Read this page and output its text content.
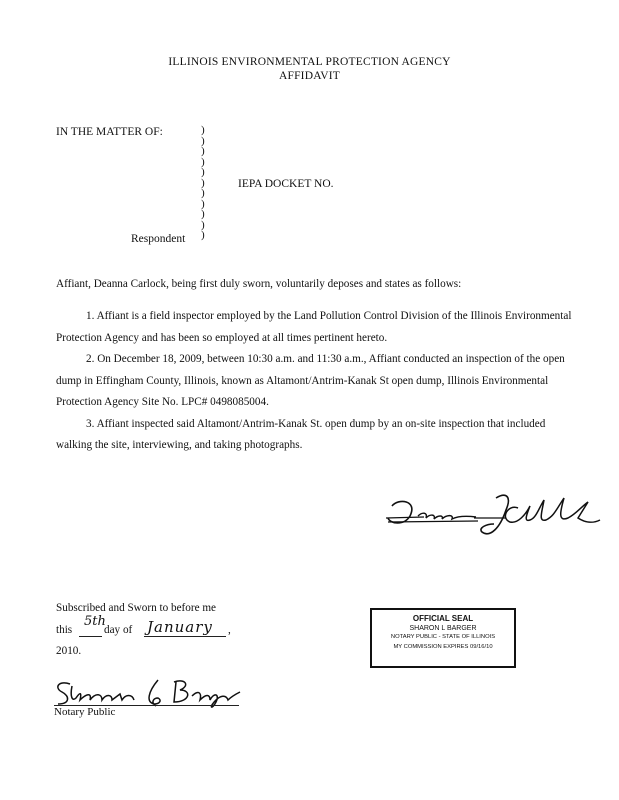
ILLINOIS ENVIRONMENTAL PROTECTION AGENCY
AFFIDAVIT
IN THE MATTER OF:	)
)
)
)
)
)
)
)
)
)
)
IEPA DOCKET NO.
Respondent
Affiant, Deanna Carlock, being first duly sworn, voluntarily deposes and states as follows:

1. Affiant is a field inspector employed by the Land Pollution Control Division of the Illinois Environmental Protection Agency and has been so employed at all times pertinent hereto.

2. On December 18, 2009, between 10:30 a.m. and 11:30 a.m., Affiant conducted an inspection of the open dump in Effingham County, Illinois, known as Altamont/Antrim-Kanak St open dump, Illinois Environmental Protection Agency Site No. LPC# 0498085004.

3. Affiant inspected said Altamont/Antrim-Kanak St. open dump by an on-site inspection that included walking the site, interviewing, and taking photographs.

Subscribed and Sworn to before me
this
5th
day of January ,
2010.
Notary Public
OFFICIAL SEAL
SHARON L BARGER
NOTARY PUBLIC - STATE OF ILLINOIS
MY COMMISSION EXPIRES 09/16/10
